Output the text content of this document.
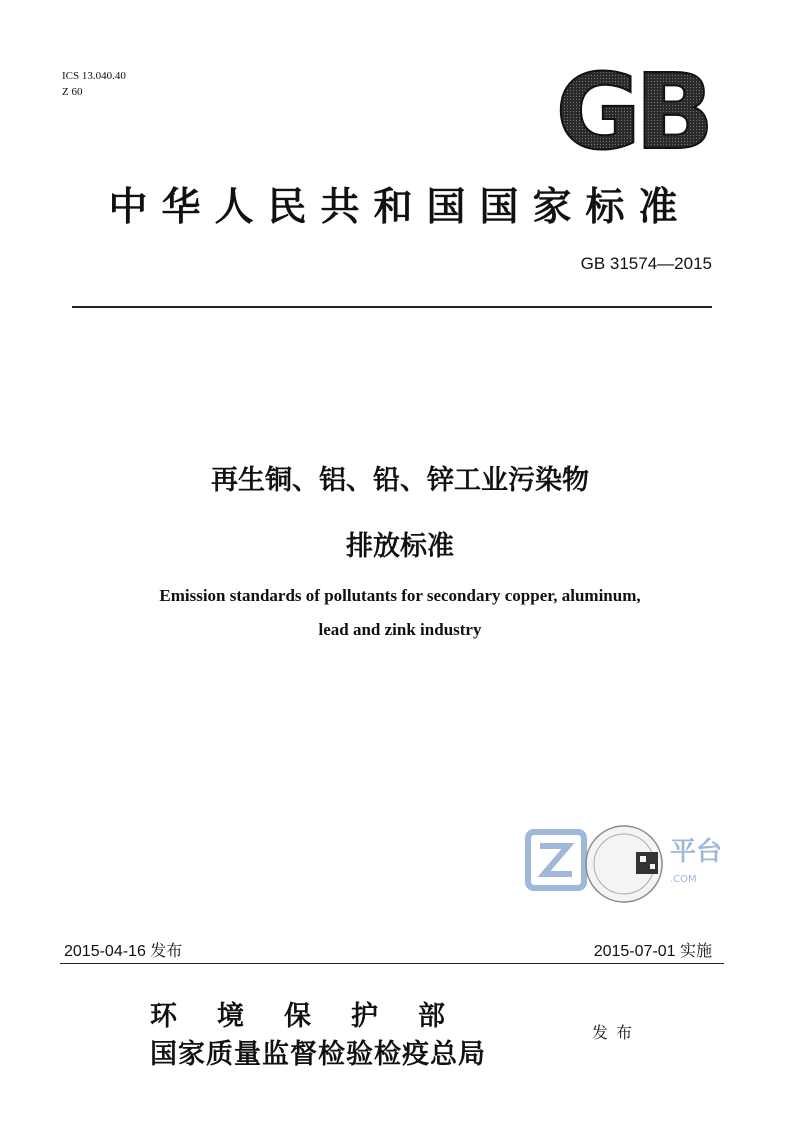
ICS 13.040.40
Z 60	GB
中华人民共和国国家标准
GB 31574—2015
再生铜、铝、铅、锌工业污染物
排放标准
Emission standards of pollutants for secondary copper, aluminum,
lead and zink industry
平台
.COM
2015-04-16 发布	2015-07-01 实施
环境保护部
国家质量监督检验检疫总局
发布
